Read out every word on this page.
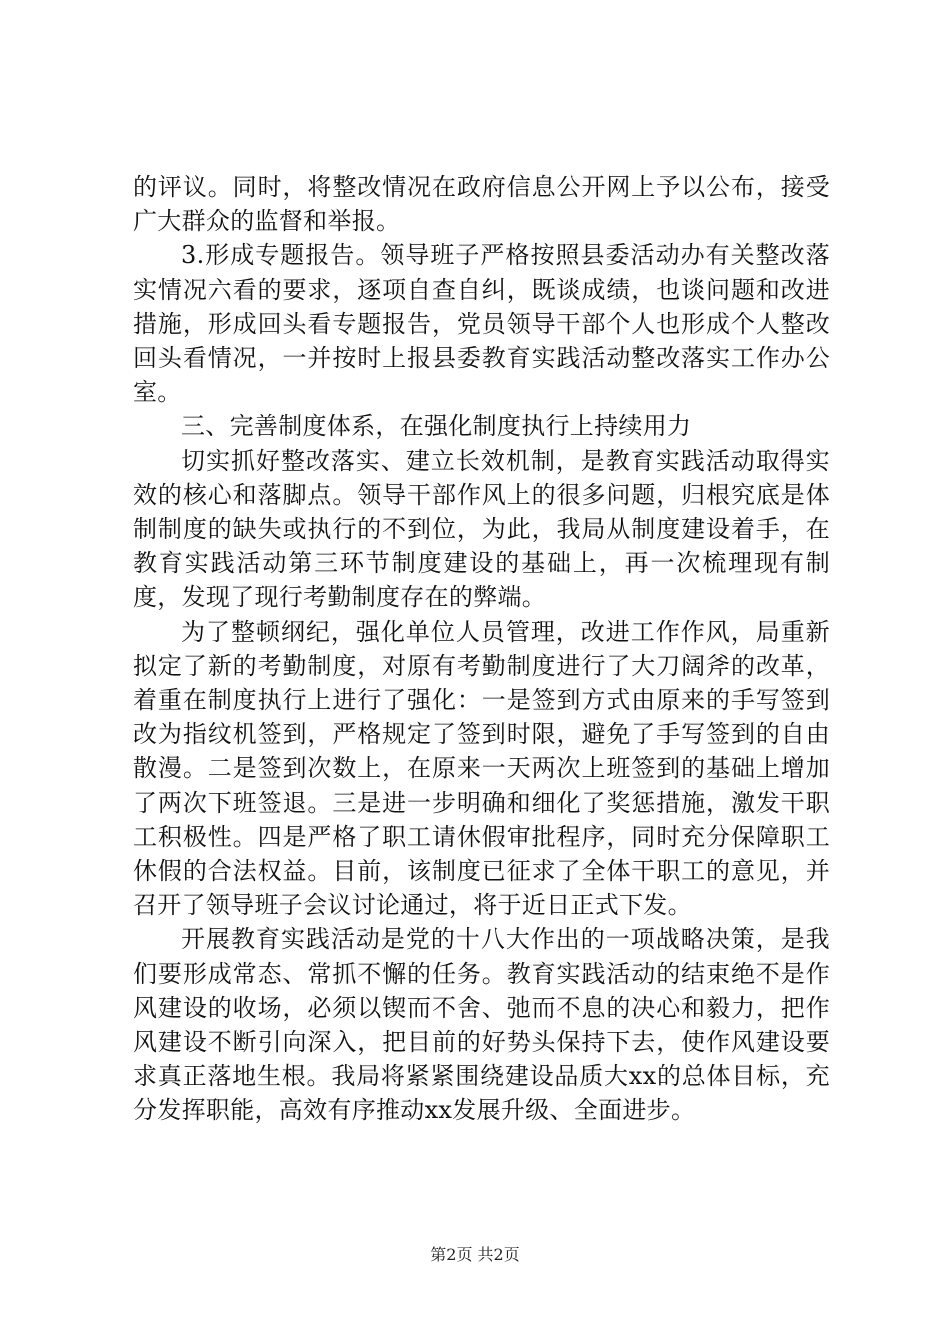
的评议。同时，将整改情况在政府信息公开网上予以公布，接受广大群众的监督和举报。

3.形成专题报告。领导班子严格按照县委活动办有关整改落实情况六看的要求，逐项自查自纠，既谈成绩，也谈问题和改进措施，形成回头看专题报告，党员领导干部个人也形成个人整改回头看情况，一并按时上报县委教育实践活动整改落实工作办公室。

三、完善制度体系，在强化制度执行上持续用力

切实抓好整改落实、建立长效机制，是教育实践活动取得实效的核心和落脚点。领导干部作风上的很多问题，归根究底是体制制度的缺失或执行的不到位，为此，我局从制度建设着手，在教育实践活动第三环节制度建设的基础上，再一次梳理现有制度，发现了现行考勤制度存在的弊端。

为了整顿纲纪，强化单位人员管理，改进工作作风，局重新拟定了新的考勤制度，对原有考勤制度进行了大刀阔斧的改革，着重在制度执行上进行了强化：一是签到方式由原来的手写签到改为指纹机签到，严格规定了签到时限，避免了手写签到的自由散漫。二是签到次数上，在原来一天两次上班签到的基础上增加了两次下班签退。三是进一步明确和细化了奖惩措施，激发干职工积极性。四是严格了职工请休假审批程序，同时充分保障职工休假的合法权益。目前，该制度已征求了全体干职工的意见，并召开了领导班子会议讨论通过，将于近日正式下发。

开展教育实践活动是党的十八大作出的一项战略决策，是我们要形成常态、常抓不懈的任务。教育实践活动的结束绝不是作风建设的收场，必须以锲而不舍、弛而不息的决心和毅力，把作风建设不断引向深入，把目前的好势头保持下去，使作风建设要求真正落地生根。我局将紧紧围绕建设品质大xx的总体目标，充分发挥职能，高效有序推动xx发展升级、全面进步。

第2页 共2页
